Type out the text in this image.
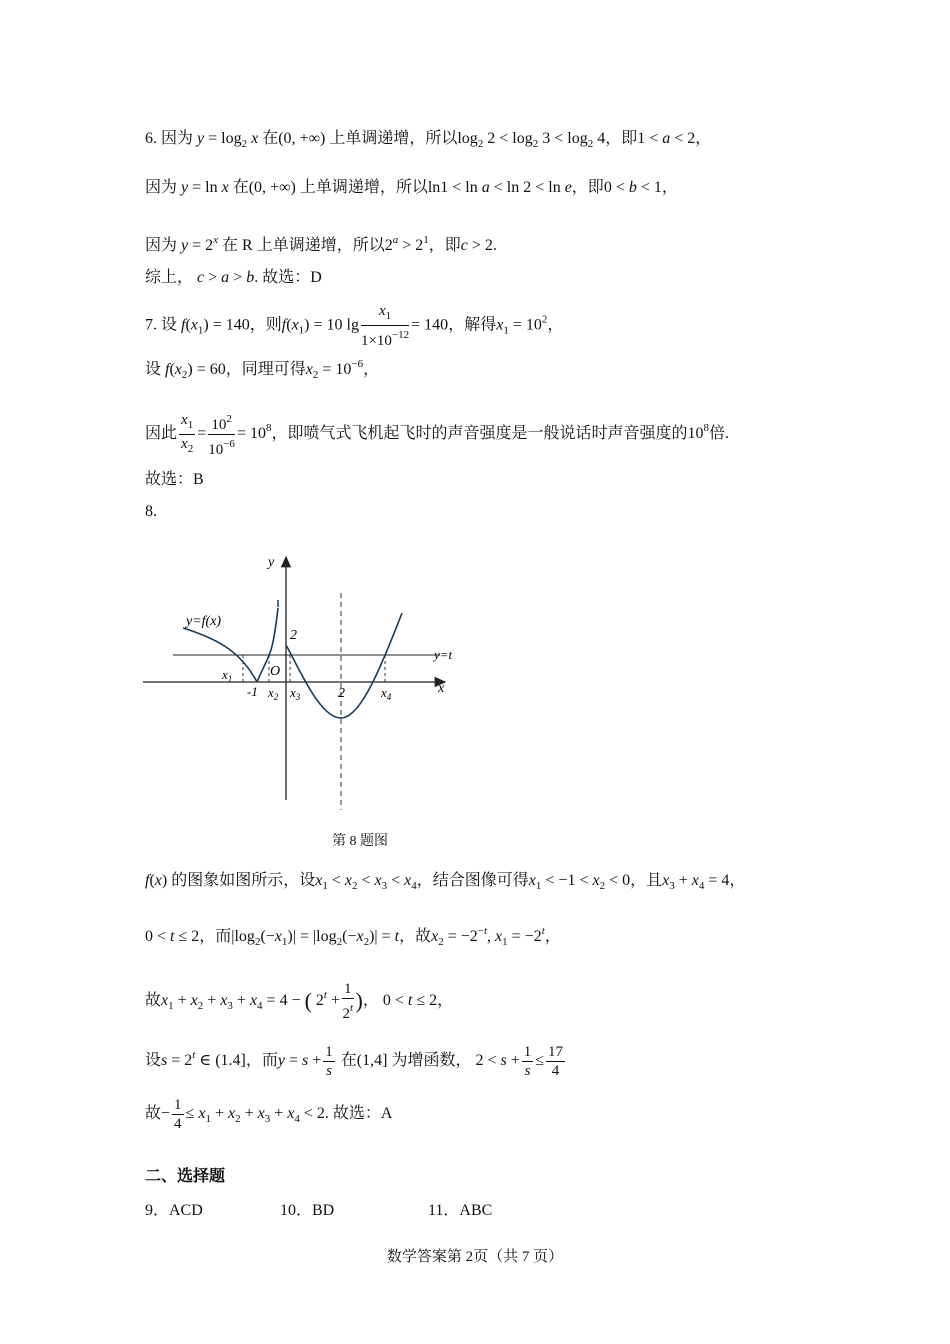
6. 因为 $y = \log_2 x$ 在(0, +∞) 上单调递增，所以$\log_2 2 < \log_2 3 < \log_2 4$，即1 < a < 2，
因为 y = ln x 在(0, +∞) 上单调递增，所以ln1 < ln a < ln 2 < ln e，即0 < b < 1，
因为 $y = 2^x$ 在 R 上单调递增，所以$2^a > 2^1$，即c > 2.
综上， c > a > b. 故选：D
7. 设 $f(x_1) = 140$，则$f(x_1) = 10$ $\lg \frac{x_1}{1\times 10^{-12}} = 140$，解得$x_1 = 10^2$，
设 $f(x_2) = 60$，同理可得$x_2 = 10^{-6}$，
因此 $\frac{x_1}{x_2} = \frac{10^2}{10^{-6}} = 10^8$，即喷气式飞机起飞时的声音强度是一般说话时声音强度的$10^8$倍.
故选：B
8.
y
x
y=f(x)
y=t
2
O
-1	2
$x_1$
$x_2$ $x_3$	$x_4$
第 8 题图
f(x) 的图象如图所示，设$x_1 < x_2 < x_3 < x_4$，结合图像可得$x_1 < -1 < x_2 < 0$，且$x_3 + x_4 = 4$，
0 < t ≤ 2，而$|\log_2(-x_1)| = |\log_2(-x_2)| = t$，故$x_2 = -2^{-t}$, $x_1 = -2^t$，
故$x_1 + x_2 + x_3 + x_4 = 4$ − ( $2^t + \frac{1}{2^t}$ )， 0 < t ≤ 2，
设$s = 2^t$ ∈ (1.4]，而$y = s + \frac{1}{s}$ 在(1,4] 为增函数， $2 < s + \frac{1}{s} \le \frac{17}{4}$
故− $\frac{1}{4} \le x_1 + x_2 + x_3 + x_4 < 2$. 故选：A
二、选择题
9．ACD	10．BD	11．ABC
数学答案第 2页（共 7 页）
